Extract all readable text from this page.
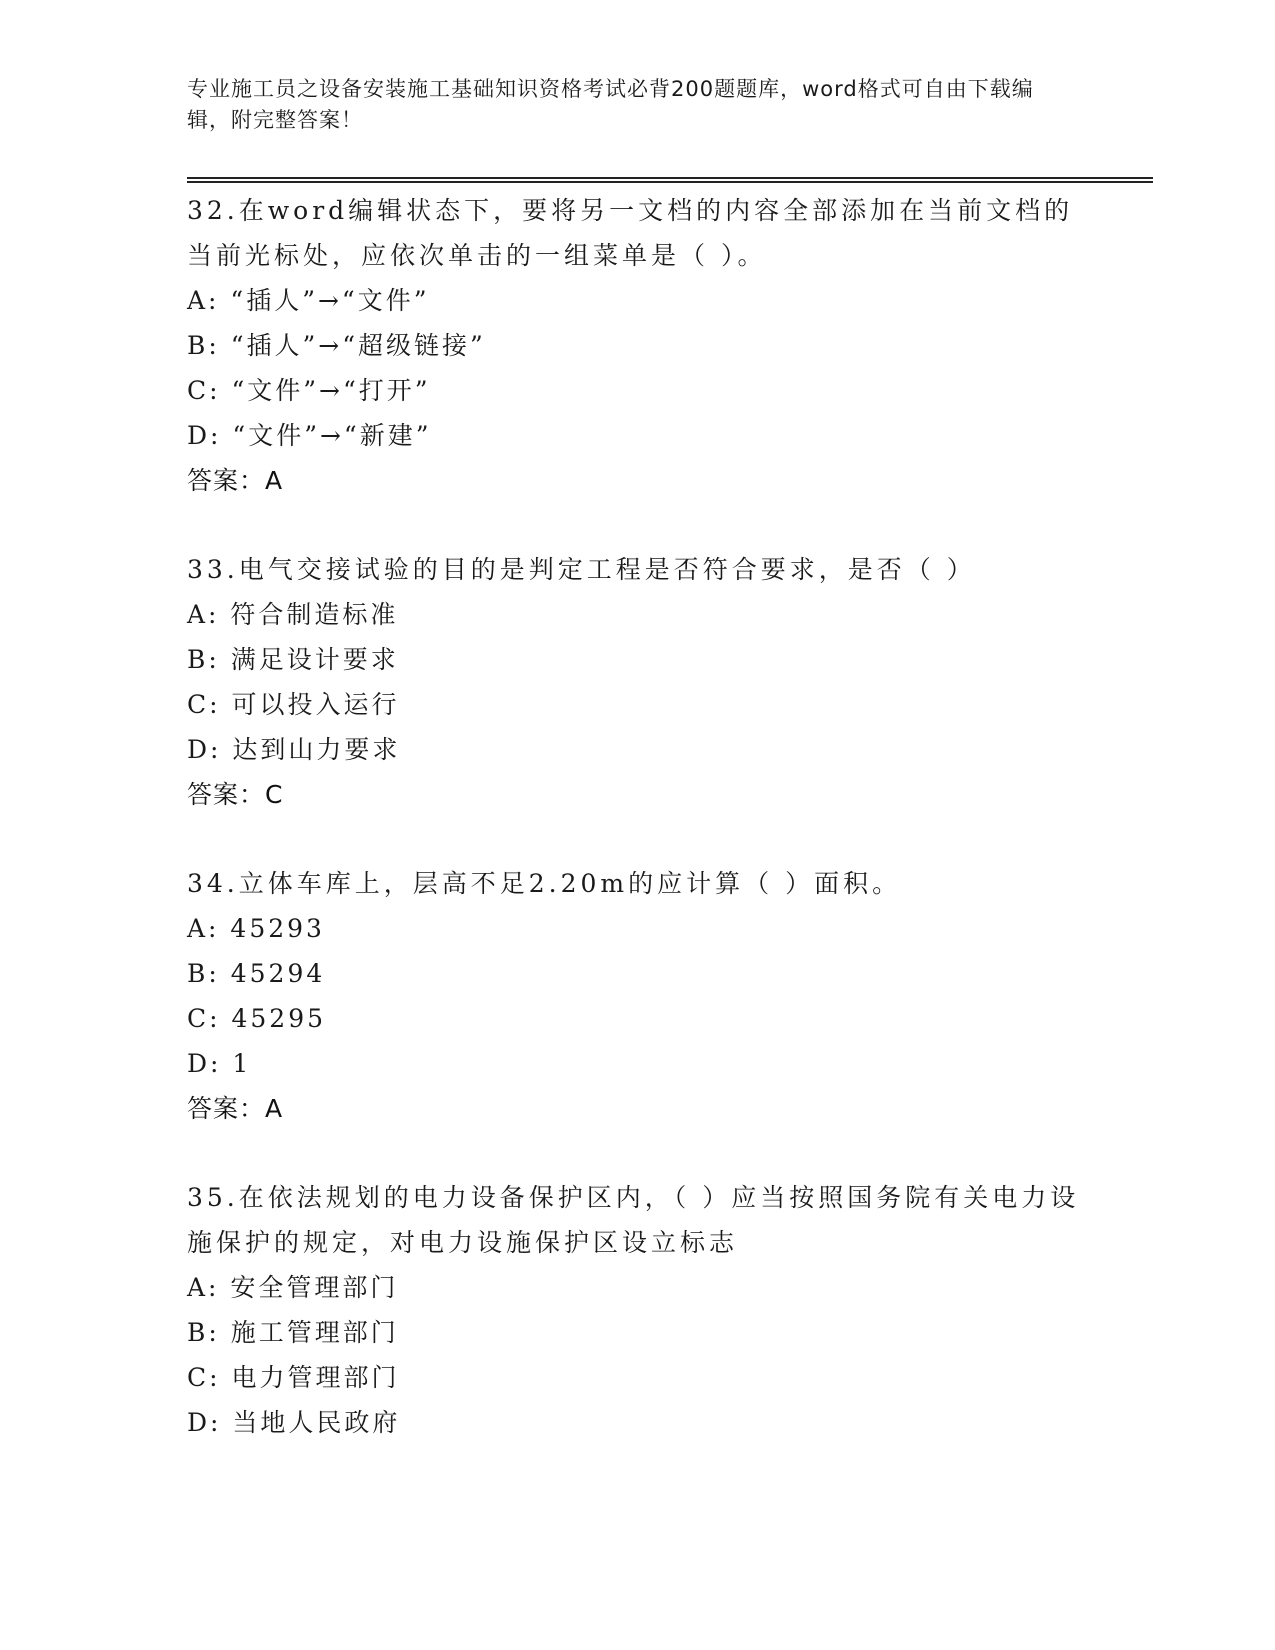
专业施工员之设备安装施工基础知识资格考试必背200题题库，word格式可自由下载编辑，附完整答案！

32.在word编辑状态下，要将另一文档的内容全部添加在当前文档的当前光标处，应依次单击的一组菜单是（ ）。

A: “插人”→“文件”

B: “插人”→“超级链接”

C: “文件”→“打开”

D: “文件”→“新建”

答案：A

33.电气交接试验的目的是判定工程是否符合要求，是否（ ）

A: 符合制造标准

B: 满足设计要求

C: 可以投入运行

D: 达到山力要求

答案：C

34.立体车库上，层高不足2.20m的应计算（ ）面积。

A: 45293

B: 45294

C: 45295

D: 1

答案：A

35.在依法规划的电力设备保护区内，（ ）应当按照国务院有关电力设施保护的规定，对电力设施保护区设立标志

A: 安全管理部门

B: 施工管理部门

C: 电力管理部门

D: 当地人民政府
